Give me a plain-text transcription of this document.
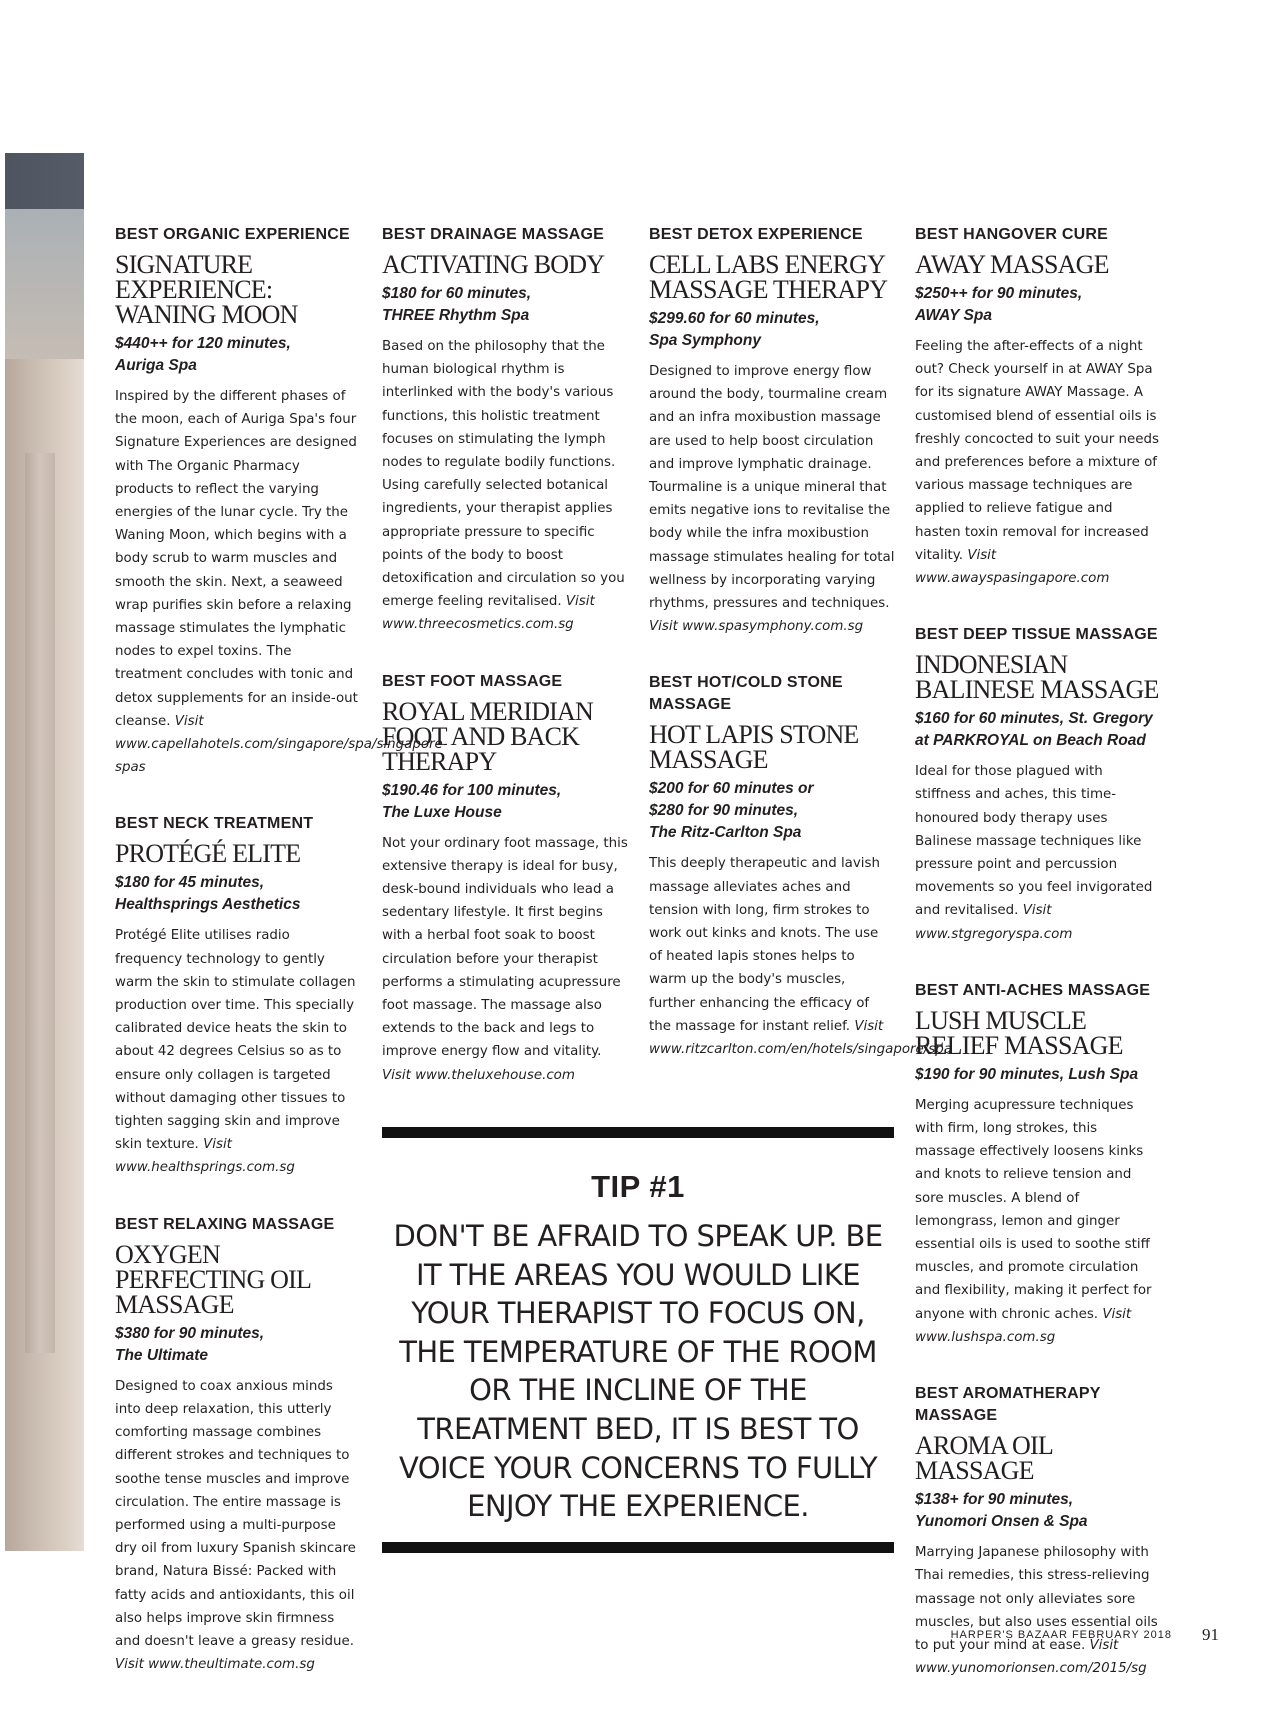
BEST ORGANIC EXPERIENCE
SIGNATURE EXPERIENCE: WANING MOON

$440++ for 120 minutes,
Auriga Spa

Inspired by the different phases of the moon, each of Auriga Spa's four Signature Experiences are designed with The Organic Pharmacy products to reflect the varying energies of the lunar cycle. Try the Waning Moon, which begins with a body scrub to warm muscles and smooth the skin. Next, a seaweed wrap purifies skin before a relaxing massage stimulates the lymphatic nodes to expel toxins. The treatment concludes with tonic and detox supplements for an inside-out cleanse. Visit www.capellahotels.com/singapore/spa/singapore-spas

BEST NECK TREATMENT
PROTÉGÉ ELITE

$180 for 45 minutes,
Healthsprings Aesthetics

Protégé Elite utilises radio frequency technology to gently warm the skin to stimulate collagen production over time. This specially calibrated device heats the skin to about 42 degrees Celsius so as to ensure only collagen is targeted without damaging other tissues to tighten sagging skin and improve skin texture. Visit www.healthsprings.com.sg

BEST RELAXING MASSAGE
OXYGEN PERFECTING OIL MASSAGE

$380 for 90 minutes,
The Ultimate

Designed to coax anxious minds into deep relaxation, this utterly comforting massage combines different strokes and techniques to soothe tense muscles and improve circulation. The entire massage is performed using a multi-purpose dry oil from luxury Spanish skincare brand, Natura Bissé: Packed with fatty acids and antioxidants, this oil also helps improve skin firmness and doesn't leave a greasy residue. Visit www.theultimate.com.sg

BEST DRAINAGE MASSAGE
ACTIVATING BODY

$180 for 60 minutes,
THREE Rhythm Spa

Based on the philosophy that the human biological rhythm is interlinked with the body's various functions, this holistic treatment focuses on stimulating the lymph nodes to regulate bodily functions. Using carefully selected botanical ingredients, your therapist applies appropriate pressure to specific points of the body to boost detoxification and circulation so you emerge feeling revitalised. Visit www.threecosmetics.com.sg

BEST FOOT MASSAGE
ROYAL MERIDIAN FOOT AND BACK THERAPY

$190.46 for 100 minutes,
The Luxe House

Not your ordinary foot massage, this extensive therapy is ideal for busy, desk-bound individuals who lead a sedentary lifestyle. It first begins with a herbal foot soak to boost circulation before your therapist performs a stimulating acupressure foot massage. The massage also extends to the back and legs to improve energy flow and vitality. Visit www.theluxehouse.com

BEST DETOX EXPERIENCE
CELL LABS ENERGY MASSAGE THERAPY

$299.60 for 60 minutes,
Spa Symphony

Designed to improve energy flow around the body, tourmaline cream and an infra moxibustion massage are used to help boost circulation and improve lymphatic drainage. Tourmaline is a unique mineral that emits negative ions to revitalise the body while the infra moxibustion massage stimulates healing for total wellness by incorporating varying rhythms, pressures and techniques. Visit www.spasymphony.com.sg

BEST HOT/COLD STONE MASSAGE
HOT LAPIS STONE MASSAGE

$200 for 60 minutes or
$280 for 90 minutes,
The Ritz-Carlton Spa

This deeply therapeutic and lavish massage alleviates aches and tension with long, firm strokes to work out kinks and knots. The use of heated lapis stones helps to warm up the body's muscles, further enhancing the efficacy of the massage for instant relief. Visit www.ritzcarlton.com/en/hotels/singapore/spa

BEST HANGOVER CURE
AWAY MASSAGE

$250++ for 90 minutes,
AWAY Spa

Feeling the after-effects of a night out? Check yourself in at AWAY Spa for its signature AWAY Massage. A customised blend of essential oils is freshly concocted to suit your needs and preferences before a mixture of various massage techniques are applied to relieve fatigue and hasten toxin removal for increased vitality. Visit www.awayspasingapore.com

BEST DEEP TISSUE MASSAGE
INDONESIAN BALINESE MASSAGE

$160 for 60 minutes, St. Gregory at PARKROYAL on Beach Road

Ideal for those plagued with stiffness and aches, this time-honoured body therapy uses Balinese massage techniques like pressure point and percussion movements so you feel invigorated and revitalised. Visit www.stgregoryspa.com

BEST ANTI-ACHES MASSAGE
LUSH MUSCLE RELIEF MASSAGE

$190 for 90 minutes, Lush Spa

Merging acupressure techniques with firm, long strokes, this massage effectively loosens kinks and knots to relieve tension and sore muscles. A blend of lemongrass, lemon and ginger essential oils is used to soothe stiff muscles, and promote circulation and flexibility, making it perfect for anyone with chronic aches. Visit www.lushspa.com.sg

BEST AROMATHERAPY MASSAGE
AROMA OIL MASSAGE

$138+ for 90 minutes,
Yunomori Onsen & Spa

Marrying Japanese philosophy with Thai remedies, this stress-relieving massage not only alleviates sore muscles, but also uses essential oils to put your mind at ease. Visit www.yunomorionsen.com/2015/sg

TIP #1
DON'T BE AFRAID TO SPEAK UP. BE IT THE AREAS YOU WOULD LIKE YOUR THERAPIST TO FOCUS ON, THE TEMPERATURE OF THE ROOM OR THE INCLINE OF THE TREATMENT BED, IT IS BEST TO VOICE YOUR CONCERNS TO FULLY ENJOY THE EXPERIENCE.
HARPER'S BAZAAR FEBRUARY 2018 91
